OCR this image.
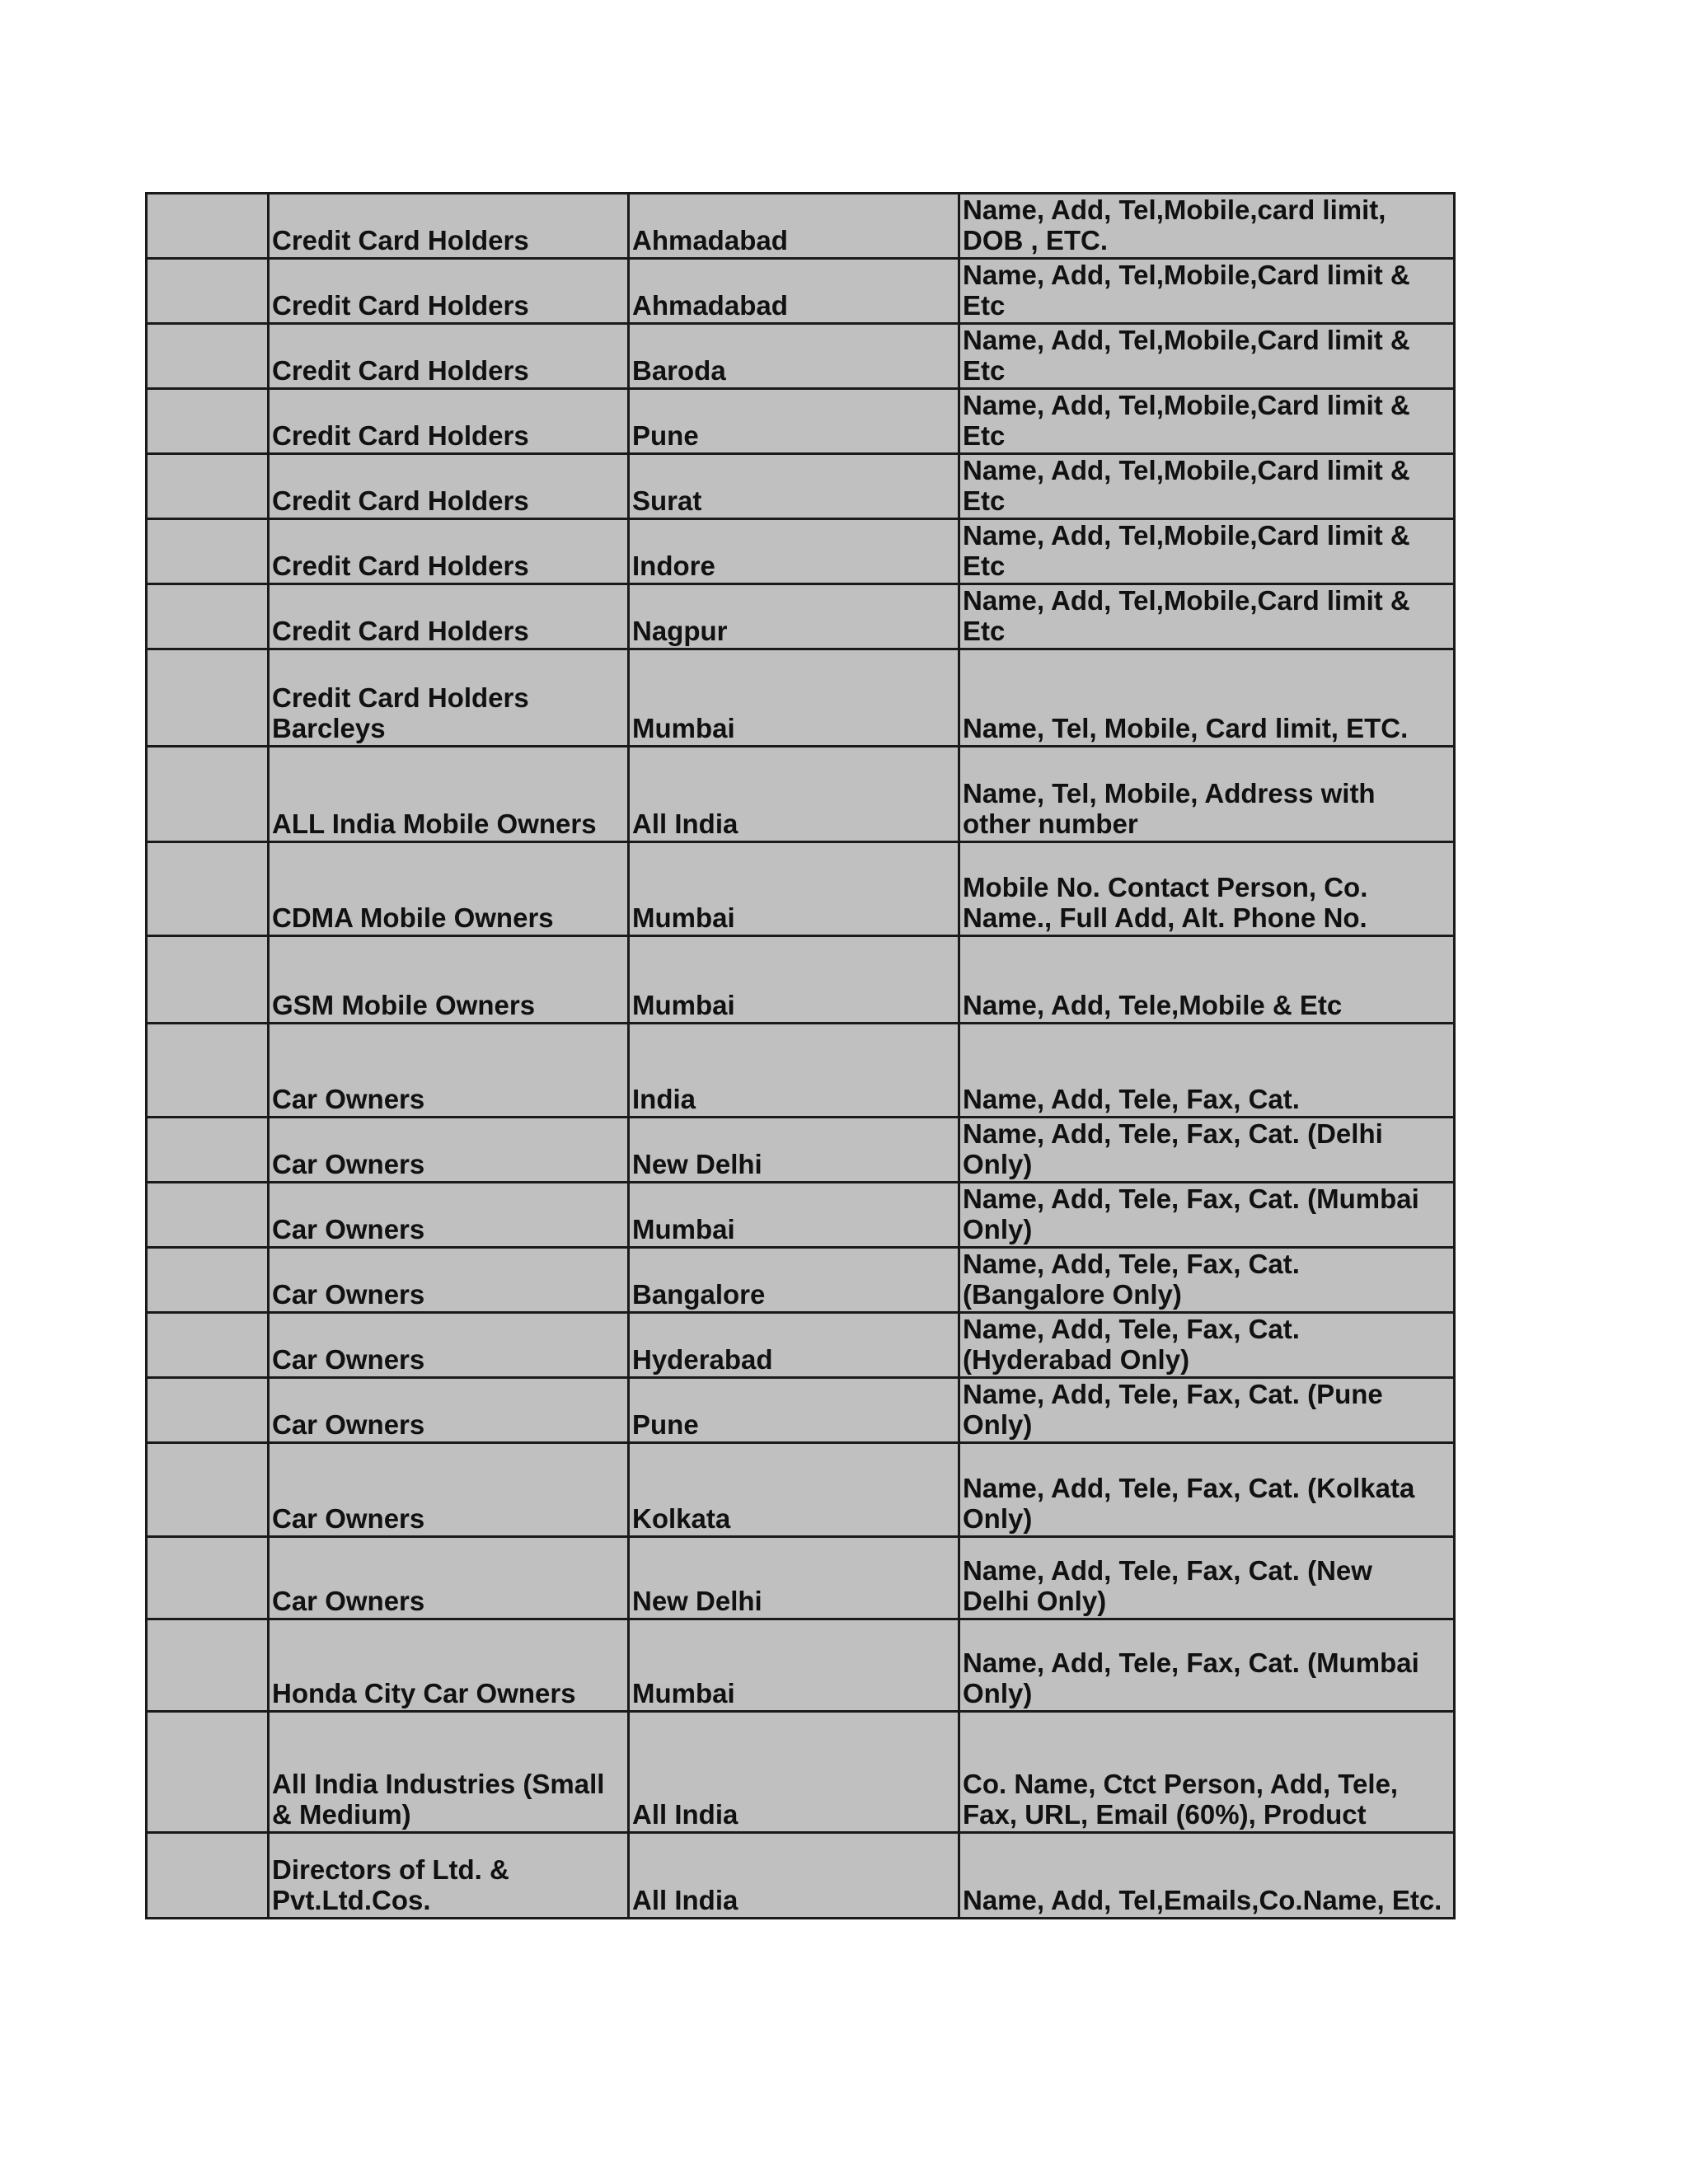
	Credit Card Holders	Ahmadabad	Name, Add, Tel,Mobile,card limit,
DOB , ETC.
	Credit Card Holders	Ahmadabad	Name, Add, Tel,Mobile,Card limit &
Etc
	Credit Card Holders	Baroda	Name, Add, Tel,Mobile,Card limit &
Etc
	Credit Card Holders	Pune	Name, Add, Tel,Mobile,Card limit &
Etc
	Credit Card Holders	Surat	Name, Add, Tel,Mobile,Card limit &
Etc
	Credit Card Holders	Indore	Name, Add, Tel,Mobile,Card limit &
Etc
	Credit Card Holders	Nagpur	Name, Add, Tel,Mobile,Card limit &
Etc
	Credit Card Holders
Barcleys	Mumbai	Name, Tel, Mobile, Card limit, ETC.
	ALL India Mobile Owners	All India	Name, Tel, Mobile, Address with
other number
	CDMA Mobile Owners	Mumbai	Mobile No. Contact Person, Co.
Name., Full Add, Alt. Phone No.
	GSM Mobile Owners	Mumbai	Name, Add, Tele,Mobile & Etc
	Car Owners	India	Name, Add, Tele, Fax, Cat.
	Car Owners	New Delhi	Name, Add, Tele, Fax, Cat. (Delhi
Only)
	Car Owners	Mumbai	Name, Add, Tele, Fax, Cat. (Mumbai
Only)
	Car Owners	Bangalore	Name, Add, Tele, Fax, Cat.
(Bangalore Only)
	Car Owners	Hyderabad	Name, Add, Tele, Fax, Cat.
(Hyderabad Only)
	Car Owners	Pune	Name, Add, Tele, Fax, Cat. (Pune
Only)
	Car Owners	Kolkata	Name, Add, Tele, Fax, Cat. (Kolkata
Only)
	Car Owners	New Delhi	Name, Add, Tele, Fax, Cat. (New
Delhi Only)
	Honda City Car Owners	Mumbai	Name, Add, Tele, Fax, Cat. (Mumbai
Only)
	All India Industries (Small
& Medium)	All India	Co. Name, Ctct Person, Add, Tele,
Fax, URL, Email (60%), Product
	Directors of Ltd. &
Pvt.Ltd.Cos.	All India	Name, Add, Tel,Emails,Co.Name, Etc.
